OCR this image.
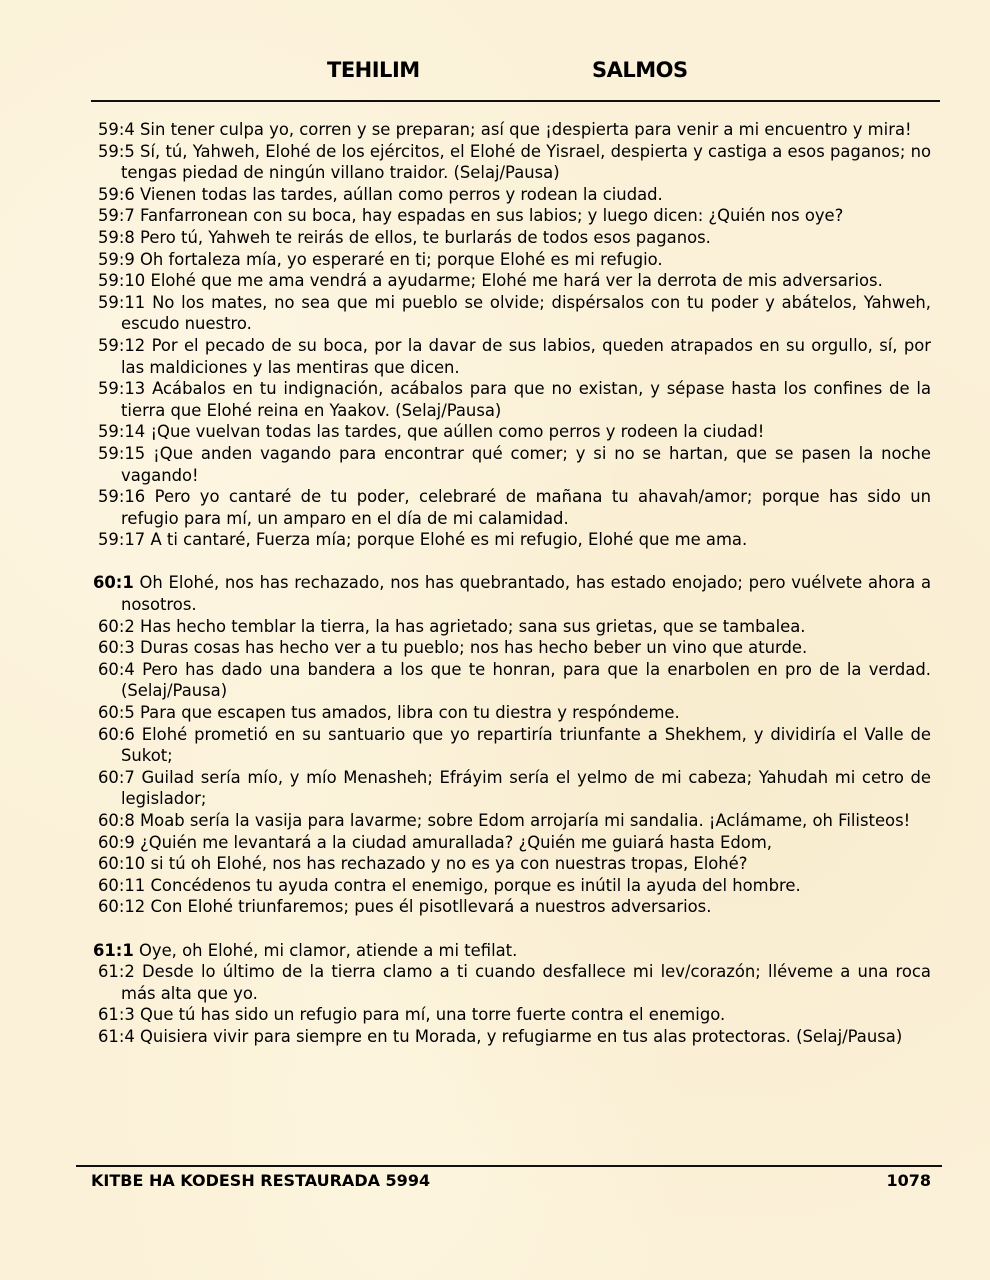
TEHILIM	SALMOS

59:4 Sin tener culpa yo, corren y se preparan; así que ¡despierta para venir a mi encuentro y mira!

59:5 Sí, tú, Yahweh, Elohé de los ejércitos, el Elohé de Yisrael, despierta y castiga a esos paganos; no tengas piedad de ningún villano traidor. (Selaj/Pausa)

59:6 Vienen todas las tardes, aúllan como perros y rodean la ciudad.

59:7 Fanfarronean con su boca, hay espadas en sus labios; y luego dicen: ¿Quién nos oye?

59:8 Pero tú, Yahweh te reirás de ellos, te burlarás de todos esos paganos.

59:9 Oh fortaleza mía, yo esperaré en ti; porque Elohé es mi refugio.

59:10 Elohé que me ama vendrá a ayudarme; Elohé me hará ver la derrota de mis adversarios.

59:11 No los mates, no sea que mi pueblo se olvide; dispérsalos con tu poder y abátelos, Yahweh, escudo nuestro.

59:12 Por el pecado de su boca, por la davar de sus labios, queden atrapados en su orgullo, sí, por las maldiciones y las mentiras que dicen.

59:13 Acábalos en tu indignación, acábalos para que no existan, y sépase hasta los confines de la tierra que Elohé reina en Yaakov. (Selaj/Pausa)

59:14 ¡Que vuelvan todas las tardes, que aúllen como perros y rodeen la ciudad!

59:15 ¡Que anden vagando para encontrar qué comer; y si no se hartan, que se pasen la noche vagando!

59:16 Pero yo cantaré de tu poder, celebraré de mañana tu ahavah/amor; porque has sido un refugio para mí, un amparo en el día de mi calamidad.

59:17 A ti cantaré, Fuerza mía; porque Elohé es mi refugio, Elohé que me ama.

60:1 Oh Elohé, nos has rechazado, nos has quebrantado, has estado enojado; pero vuélvete ahora a nosotros.

60:2 Has hecho temblar la tierra, la has agrietado; sana sus grietas, que se tambalea.

60:3 Duras cosas has hecho ver a tu pueblo; nos has hecho beber un vino que aturde.

60:4 Pero has dado una bandera a los que te honran, para que la enarbolen en pro de la verdad. (Selaj/Pausa)

60:5 Para que escapen tus amados, libra con tu diestra y respóndeme.

60:6 Elohé prometió en su santuario que yo repartiría triunfante a Shekhem, y dividiría el Valle de Sukot;

60:7 Guilad sería mío, y mío Menasheh; Efráyim sería el yelmo de mi cabeza; Yahudah mi cetro de legislador;

60:8 Moab sería la vasija para lavarme; sobre Edom arrojaría mi sandalia. ¡Aclámame, oh Filisteos!

60:9 ¿Quién me levantará a la ciudad amurallada? ¿Quién me guiará hasta Edom,

60:10 si tú oh Elohé, nos has rechazado y no es ya con nuestras tropas, Elohé?

60:11 Concédenos tu ayuda contra el enemigo, porque es inútil la ayuda del hombre.

60:12 Con Elohé triunfaremos; pues él pisotllevará a nuestros adversarios.

61:1 Oye, oh Elohé, mi clamor, atiende a mi tefilat.

61:2 Desde lo último de la tierra clamo a ti cuando desfallece mi lev/corazón; lléveme a una roca más alta que yo.

61:3 Que tú has sido un refugio para mí, una torre fuerte contra el enemigo.

61:4 Quisiera vivir para siempre en tu Morada, y refugiarme en tus alas protectoras. (Selaj/Pausa)

KITBE HA KODESH RESTAURADA 5994	1078
